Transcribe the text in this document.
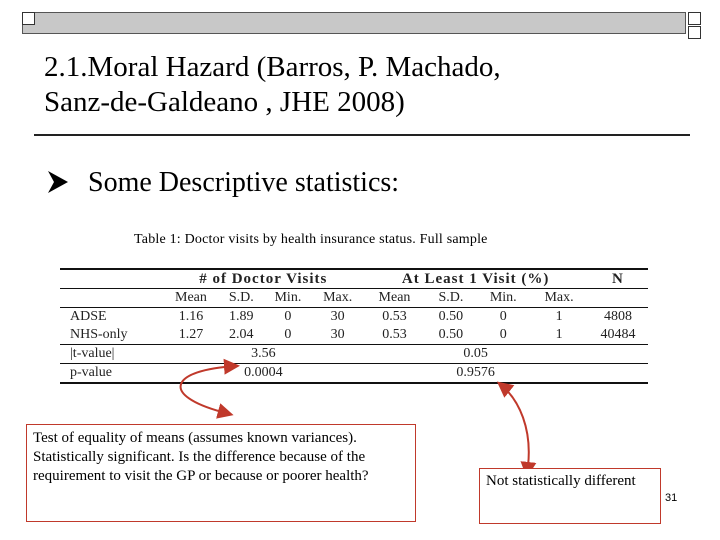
2.1.Moral Hazard (Barros, P. Machado,
Sanz-de-Galdeano , JHE 2008)
Some Descriptive statistics:
Table 1: Doctor visits by health insurance status. Full sample
	# of Doctor Visits				At Least 1 Visit (%)				N
	Mean	S.D.	Min.	Max.	Mean	S.D.	Min.	Max.	
ADSE	1.16	1.89	0	30	0.53	0.50	0	1	4808
NHS-only	1.27	2.04	0	30	0.53	0.50	0	1	40484
|t-value|	3.56				0.05				
p-value	0.0004				0.9576				
Test of equality of means (assumes known variances). Statistically significant. Is the difference because of the requirement to visit the GP or because or poorer health?	Not statistically different
31
